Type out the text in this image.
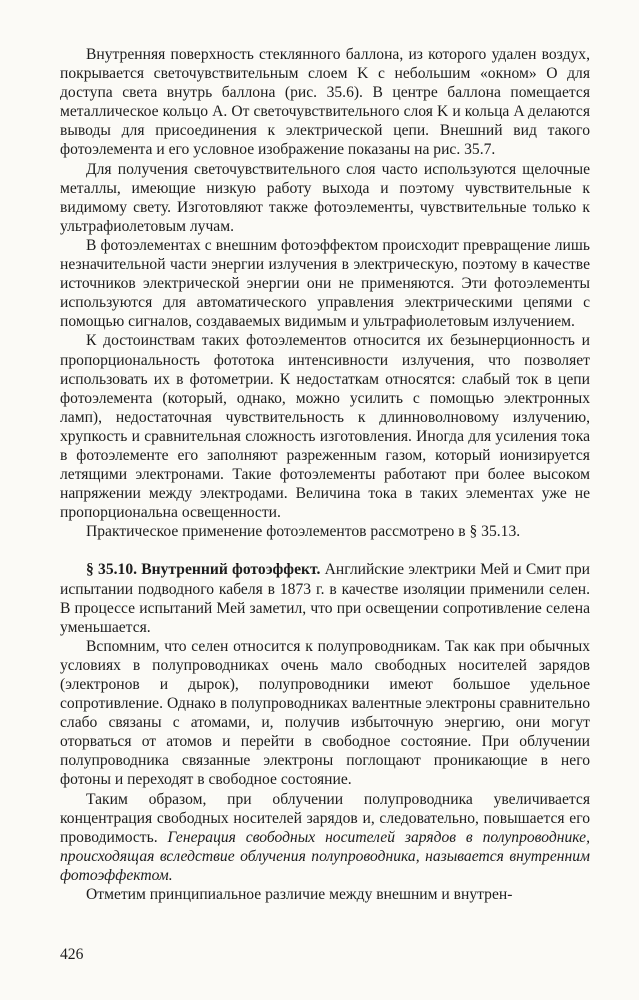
Внутренняя поверхность стеклянного баллона, из которого удален воздух, покрывается светочувствительным слоем K с небольшим «окном» O для доступа света внутрь баллона (рис. 35.6). В центре баллона помещается металлическое кольцо A. От светочувствительного слоя K и кольца A делаются выводы для присоединения к электрической цепи. Внешний вид такого фотоэлемента и его условное изображение показаны на рис. 35.7.

Для получения светочувствительного слоя часто используются щелочные металлы, имеющие низкую работу выхода и поэтому чувствительные к видимому свету. Изготовляют также фотоэлементы, чувствительные только к ультрафиолетовым лучам.

В фотоэлементах с внешним фотоэффектом происходит превращение лишь незначительной части энергии излучения в электрическую, поэтому в качестве источников электрической энергии они не применяются. Эти фотоэлементы используются для автоматического управления электрическими цепями с помощью сигналов, создаваемых видимым и ультрафиолетовым излучением.

К достоинствам таких фотоэлементов относится их безынерционность и пропорциональность фототока интенсивности излучения, что позволяет использовать их в фотометрии. К недостаткам относятся: слабый ток в цепи фотоэлемента (который, однако, можно усилить с помощью электронных ламп), недостаточная чувствительность к длинноволновому излучению, хрупкость и сравнительная сложность изготовления. Иногда для усиления тока в фотоэлементе его заполняют разреженным газом, который ионизируется летящими электронами. Такие фотоэлементы работают при более высоком напряжении между электродами. Величина тока в таких элементах уже не пропорциональна освещенности.

Практическое применение фотоэлементов рассмотрено в § 35.13.

§ 35.10. Внутренний фотоэффект. Английские электрики Мей и Смит при испытании подводного кабеля в 1873 г. в качестве изоляции применили селен. В процессе испытаний Мей заметил, что при освещении сопротивление селена уменьшается.

Вспомним, что селен относится к полупроводникам. Так как при обычных условиях в полупроводниках очень мало свободных носителей зарядов (электронов и дырок), полупроводники имеют большое удельное сопротивление. Однако в полупроводниках валентные электроны сравнительно слабо связаны с атомами, и, получив избыточную энергию, они могут оторваться от атомов и перейти в свободное состояние. При облучении полупроводника связанные электроны поглощают проникающие в него фотоны и переходят в свободное состояние.

Таким образом, при облучении полупроводника увеличивается концентрация свободных носителей зарядов и, следовательно, повышается его проводимость. Генерация свободных носителей зарядов в полупроводнике, происходящая вследствие облучения полупроводника, называется внутренним фотоэффектом.

Отметим принципиальное различие между внешним и внутрен-

426
